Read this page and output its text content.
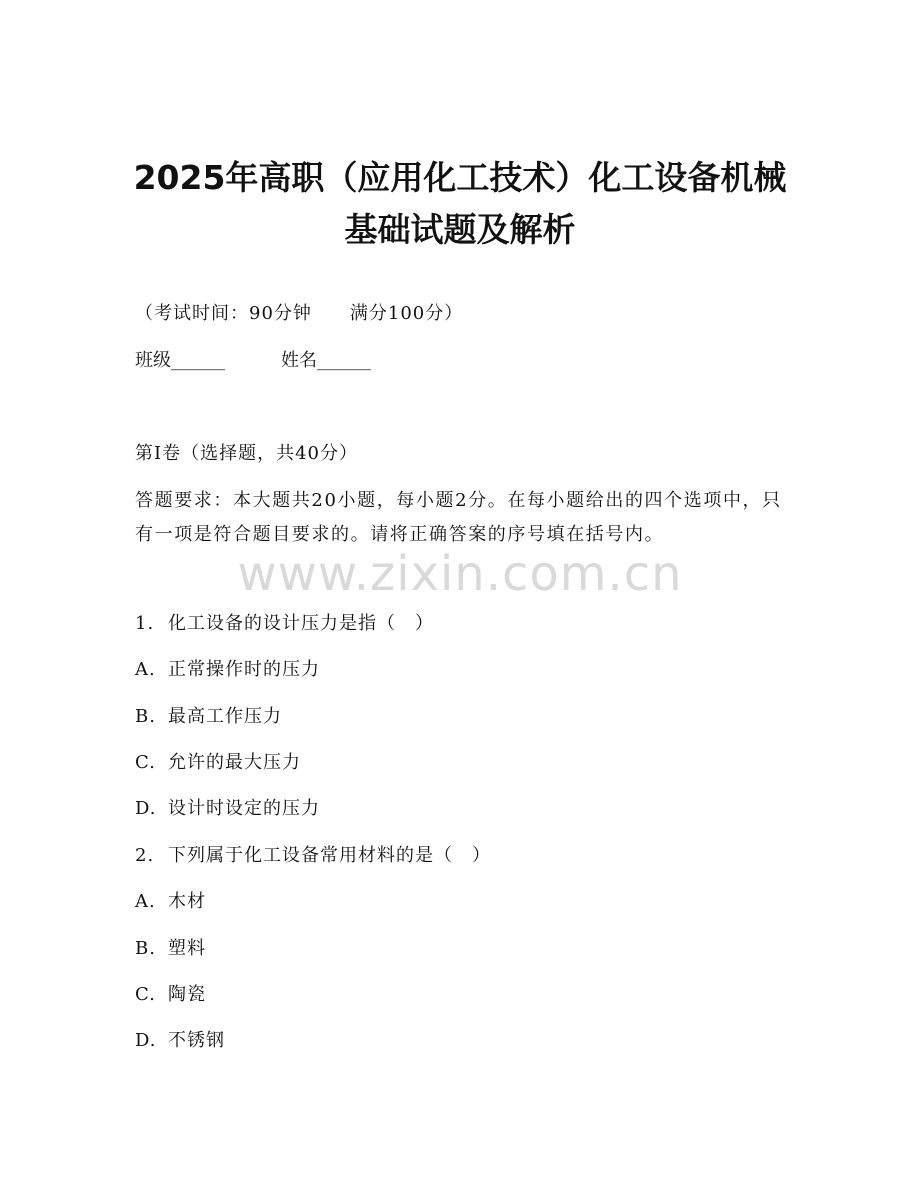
2025年高职（应用化工技术）化工设备机械
基础试题及解析
（考试时间：90分钟　　满分100分）
班级______	姓名______
第Ⅰ卷（选择题，共40分）

答题要求：本大题共20小题，每小题2分。在每小题给出的四个选项中，只有一项是符合题目要求的。请将正确答案的序号填在括号内。

www.zixin.com.cn
1. 化工设备的设计压力是指（　）
A. 正常操作时的压力
B. 最高工作压力
C. 允许的最大压力
D. 设计时设定的压力
2. 下列属于化工设备常用材料的是（　）
A. 木材
B. 塑料
C. 陶瓷
D. 不锈钢
